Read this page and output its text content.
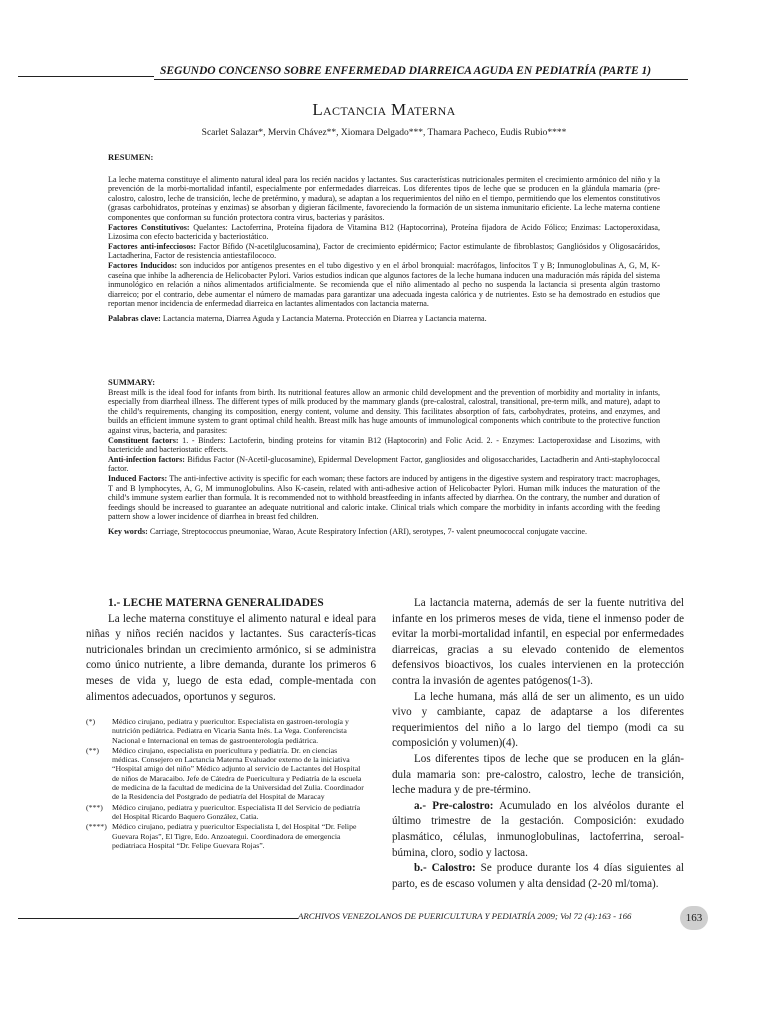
SEGUNDO CONCENSO SOBRE ENFERMEDAD DIARREICA AGUDA EN PEDIATRÍA (PARTE 1)
Lactancia Materna
Scarlet Salazar*, Mervin Chávez**, Xiomara Delgado***, Thamara Pacheco, Eudis Rubio****

RESUMEN:

La leche materna constituye el alimento natural ideal para los recién nacidos y lactantes. Sus características nutricionales permiten el crecimiento armónico del niño y la prevención de la morbi-mortalidad infantil, especialmente por enfermedades diarreicas. Los diferentes tipos de leche que se producen en la glándula mamaria (pre-calostro, calostro, leche de transición, leche de pretérmino, y madura), se adaptan a los requerimientos del niño en el tiempo, permitiendo que los elementos constitutivos (grasas carbohidratos, proteínas y enzimas) se absorban y digieran fácilmente, favoreciendo la formación de un sistema inmunitario eficiente. La leche materna contiene componentes que conforman su función protectora contra virus, bacterias y parásitos.

Factores Constitutivos: Quelantes: Lactoferrina, Proteína fijadora de Vitamina B12 (Haptocorrina), Proteína fijadora de Acido Fólico; Enzimas: Lactoperoxidasa, Lizosima con efecto bactericida y bacteriostático.

Factores anti-infecciosos: Factor Bífido (N-acetilglucosamina), Factor de crecimiento epidérmico; Factor estimulante de fibroblastos; Gangliósidos y Oligosacáridos, Lactadherina, Factor de resistencia antiestafilococo.

Factores Inducidos: son inducidos por antígenos presentes en el tubo digestivo y en el árbol bronquial: macrófagos, linfocitos T y B; Inmunoglobulinas A, G, M, K-caseína que inhibe la adherencia de Helicobacter Pylori. Varios estudios indican que algunos factores de la leche humana inducen una maduración más rápida del sistema inmunológico en relación a niños alimentados artificialmente. Se recomienda que el niño alimentado al pecho no suspenda la lactancia si presenta algún trastorno diarreico; por el contrario, debe aumentar el número de mamadas para garantizar una adecuada ingesta calórica y de nutrientes. Esto se ha demostrado en estudios que reportan menor incidencia de enfermedad diarreica en lactantes alimentados con lactancia materna.

Palabras clave: Lactancia materna, Diarrea Aguda y Lactancia Materna. Protección en Diarrea y Lactancia materna.

SUMMARY:

Breast milk is the ideal food for infants from birth. Its nutritional features allow an armonic child development and the prevention of morbidity and mortality in infants, especially from diarrheal illness. The different types of milk produced by the mammary glands (pre-calostral, calostral, transitional, pre-term milk, and mature), adapt to the child’s requirements, changing its composition, energy content, volume and density. This facilitates absorption of fats, carbohydrates, proteins, and enzymes, and builds an efficient immune system to grant optimal child health. Breast milk has huge amounts of immunological components which contribute to the protective function against virus, bacteria, and parasites:

Constituent factors: 1. - Binders: Lactoferin, binding proteins for vitamin B12 (Haptocorin) and Folic Acid. 2. - Enzymes: Lactoperoxidase and Lisozims, with bactericide and bacteriostatic effects.

Anti-infection factors: Bifidus Factor (N-Acetil-glucosamine), Epidermal Development Factor, gangliosides and oligosaccharides, Lactadherin and Anti-staphylococcal factor.

Induced Factors: The anti-infective activity is specific for each woman; these factors are induced by antigens in the digestive system and respiratory tract: macrophages, T and B lymphocytes, A, G, M immunoglobulins. Also K-casein, related with anti-adhesive action of Helicobacter Pylori. Human milk induces the maturation of the child’s immune system earlier than formula. It is recommended not to withhold breastfeeding in infants affected by diarrhea. On the contrary, the number and duration of feedings should be increased to guarantee an adequate nutritional and caloric intake. Clinical trials which compare the morbidity in infants according with the feeding pattern show a lower incidence of diarrhea in breast fed children.

Key words: Carriage, Streptococcus pneumoniae, Warao, Acute Respiratory Infection (ARI), serotypes, 7- valent pneumococcal conjugate vaccine.

1.- LECHE MATERNA GENERALIDADES

La leche materna constituye el alimento natural e ideal para niñas y niños recién nacidos y lactantes. Sus caracterís-ticas nutricionales brindan un crecimiento armónico, si se administra como único nutriente, a libre demanda, durante los primeros 6 meses de vida y, luego de esta edad, comple-mentada con alimentos adecuados, oportunos y seguros.

(*)	Médico cirujano, pediatra y puericultor. Especialista en gastroen-terología y nutrición pediátrica. Pediatra en Vicaria Santa Inés. La Vega. Conferencista Nacional e Internacional en temas de gastroenterología pediátrica.
(**)	Médico cirujano, especialista en puericultura y pediatría. Dr. en ciencias médicas. Consejero en Lactancia Materna Evaluador externo de la iniciativa “Hospital amigo del niño” Médico adjunto al servicio de Lactantes del Hospital de niños de Maracaibo. Jefe de Cátedra de Puericultura y Pediatría de la escuela de medicina de la facultad de medicina de la Universidad del Zulia. Coordinador de la Residencia del Postgrado de pediatría del Hospital de Maracay
(***)	Médico cirujano, pediatra y puericultor. Especialista II del Servicio de pediatría del Hospital Ricardo Baquero González, Catia.
(****) Médico cirujano, pediatra y puericultor Especialista I, del Hospital “Dr. Felipe Guevara Rojas”, El Tigre, Edo. Anzoategui. Coordinadora de emergencia pediatriaca Hospital “Dr. Felipe Guevara Rojas”.

La lactancia materna, además de ser la fuente nutritiva del infante en los primeros meses de vida, tiene el inmenso poder de evitar la morbi-mortalidad infantil, en especial por enfermedades diarreicas, gracias a su elevado contenido de elementos defensivos bioactivos, los cuales intervienen en la protección contra la invasión de agentes patógenos(1-3).

La leche humana, más allá de ser un alimento, es un uido vivo y cambiante, capaz de adaptarse a los diferentes requerimientos del niño a lo largo del tiempo (modi ca su composición y volumen)(4).

Los diferentes tipos de leche que se producen en la glán-dula mamaria son: pre-calostro, calostro, leche de transición, leche madura y de pre-término.

a.- Pre-calostro: Acumulado en los alvéolos durante el último trimestre de la gestación. Composición: exudado plasmático, células, inmunoglobulinas, lactoferrina, seroal-búmina, cloro, sodio y lactosa.

b.- Calostro: Se produce durante los 4 días siguientes al parto, es de escaso volumen y alta densidad (2-20 ml/toma).

ARCHIVOS VENEZOLANOS DE PUERICULTURA Y PEDIATRÍA 2009; Vol 72 (4):163 - 166	163
